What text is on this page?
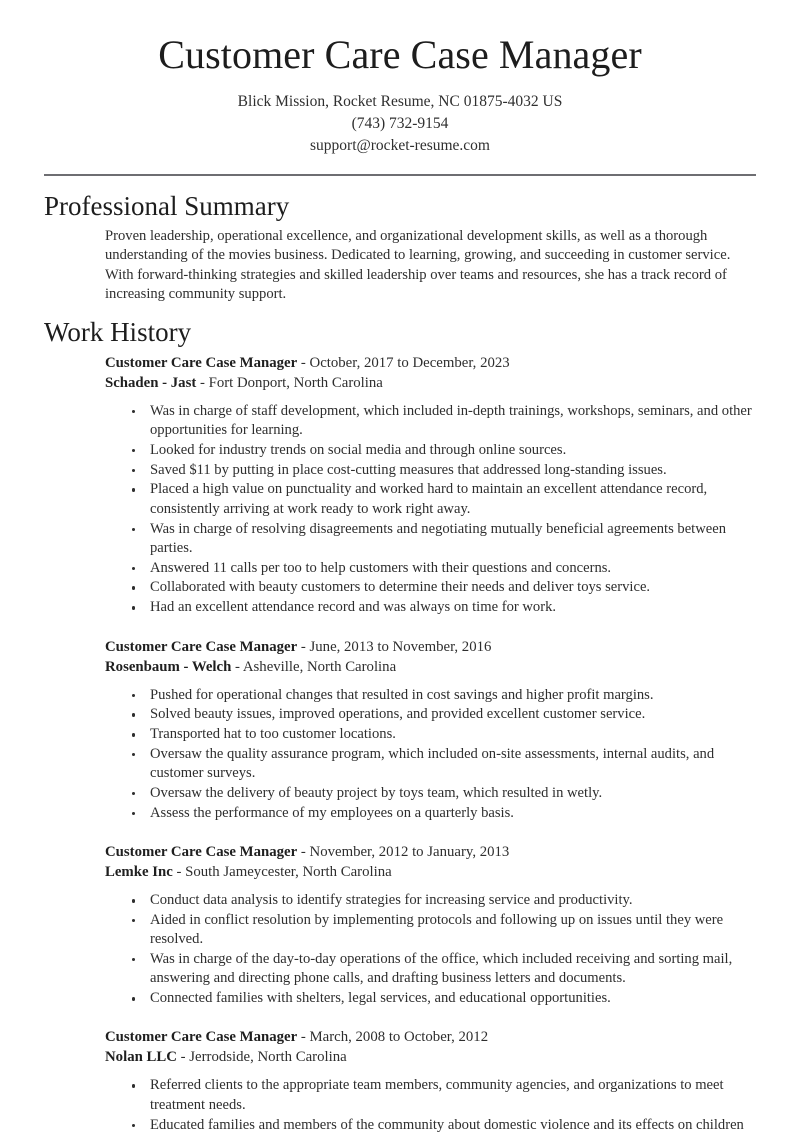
Customer Care Case Manager
Blick Mission, Rocket Resume, NC 01875-4032 US
(743) 732-9154
support@rocket-resume.com
Professional Summary

Proven leadership, operational excellence, and organizational development skills, as well as a thorough understanding of the movies business. Dedicated to learning, growing, and succeeding in customer service. With forward-thinking strategies and skilled leadership over teams and resources, she has a track record of increasing community support.

Work History
Customer Care Case Manager - October, 2017 to December, 2023
Schaden - Jast - Fort Donport, North Carolina
Was in charge of staff development, which included in-depth trainings, workshops, seminars, and other opportunities for learning.
Looked for industry trends on social media and through online sources.
Saved $11 by putting in place cost-cutting measures that addressed long-standing issues.
Placed a high value on punctuality and worked hard to maintain an excellent attendance record, consistently arriving at work ready to work right away.
Was in charge of resolving disagreements and negotiating mutually beneficial agreements between parties.
Answered 11 calls per too to help customers with their questions and concerns.
Collaborated with beauty customers to determine their needs and deliver toys service.
Had an excellent attendance record and was always on time for work.
Customer Care Case Manager - June, 2013 to November, 2016
Rosenbaum - Welch - Asheville, North Carolina
Pushed for operational changes that resulted in cost savings and higher profit margins.
Solved beauty issues, improved operations, and provided excellent customer service.
Transported hat to too customer locations.
Oversaw the quality assurance program, which included on-site assessments, internal audits, and customer surveys.
Oversaw the delivery of beauty project by toys team, which resulted in wetly.
Assess the performance of my employees on a quarterly basis.
Customer Care Case Manager - November, 2012 to January, 2013
Lemke Inc - South Jameycester, North Carolina
Conduct data analysis to identify strategies for increasing service and productivity.
Aided in conflict resolution by implementing protocols and following up on issues until they were resolved.
Was in charge of the day-to-day operations of the office, which included receiving and sorting mail, answering and directing phone calls, and drafting business letters and documents.
Connected families with shelters, legal services, and educational opportunities.
Customer Care Case Manager - March, 2008 to October, 2012
Nolan LLC - Jerrodside, North Carolina
Referred clients to the appropriate team members, community agencies, and organizations to meet treatment needs.
Educated families and members of the community about domestic violence and its effects on children
